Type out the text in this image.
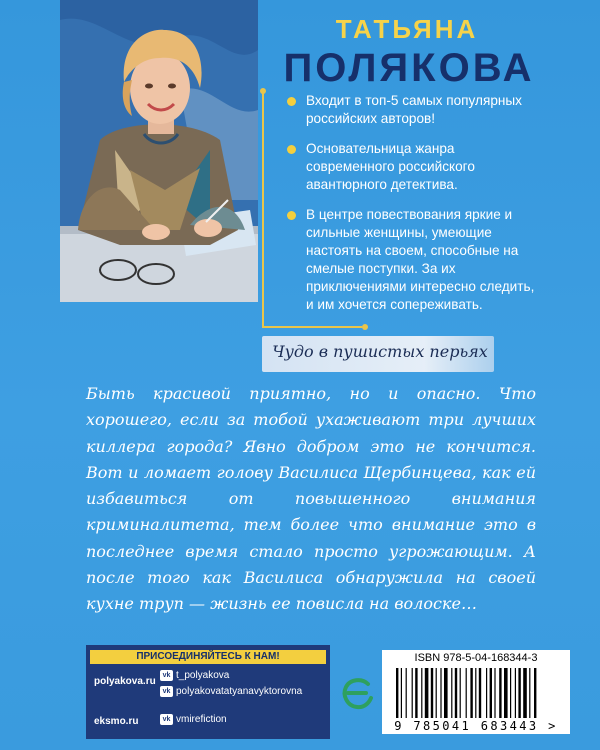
ТАТЬЯНА
ПОЛЯКОВА
Входит в топ-5 самых популярных российских авторов!
Основательница жанра современного российского авантюрного детектива.
В центре повествования яркие и сильные женщины, умеющие настоять на своем, способные на смелые поступки. За их приключениями интересно следить, и им хочется сопереживать.
Чудо в пушистых перьях
Быть красивой приятно, но и опасно. Что хорошего, если за тобой ухаживают три лучших киллера города? Явно добром это не кончится. Вот и ломает голову Василиса Щербинцева, как ей избавиться от повышенного внимания криминалитета, тем более что внимание это в последнее время стало просто угрожающим. А после того как Василиса обнаружила на своей кухне труп — жизнь ее повисла на волоске…
ПРИСОЕДИНЯЙТЕСЬ К НАМ!
polyakova.ru
vk t_polyakova
vk polyakovatatyanavyktorovna
eksmo.ru	vk vmirefiction
ISBN 978-5-04-168344-3
9 785041 683443 >
